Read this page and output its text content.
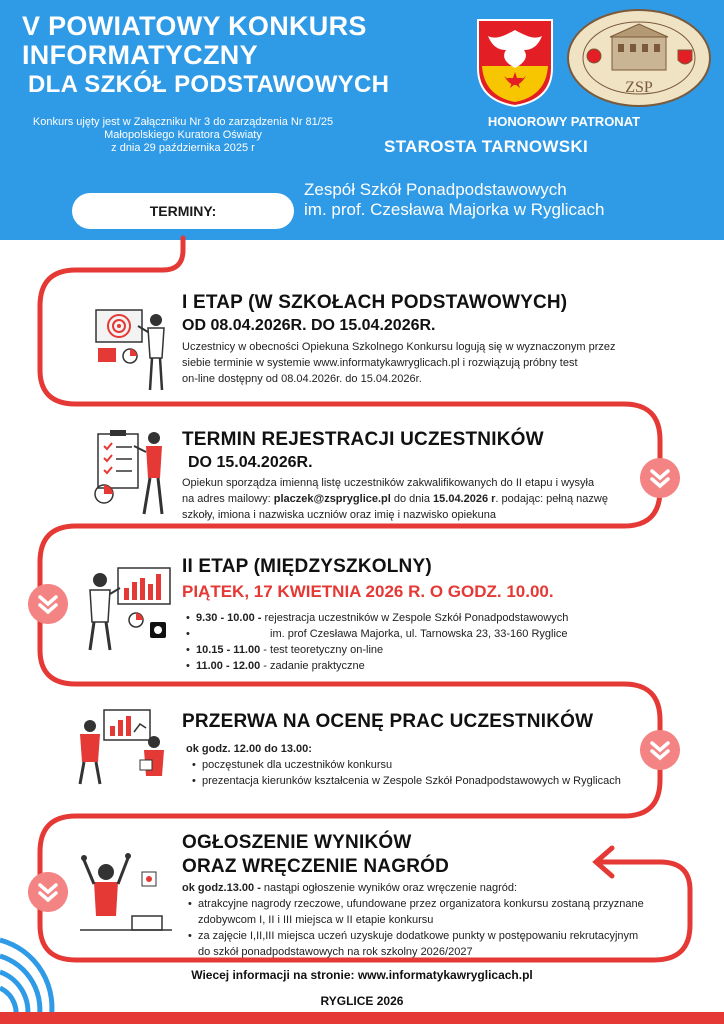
V POWIATOWY KONKURS
INFORMATYCZNY
DLA SZKÓŁ PODSTAWOWYCH
Konkurs ujęty jest w Załączniku Nr 3 do zarządzenia Nr 81/25
Małopolskiego Kuratora Oświaty
z dnia 29 października 2025 r
ZSP
HONOROWY PATRONAT
STAROSTA TARNOWSKI
Zespół Szkół Ponadpodstawowych
im. prof. Czesława Majorka w Ryglicach
TERMINY:
I ETAP (W SZKOŁACH PODSTAWOWYCH)
OD 08.04.2026R. DO 15.04.2026R.
Uczestnicy w obecności Opiekuna Szkolnego Konkursu logują się w wyznaczonym przez
siebie terminie w systemie www.informatykawryglicach.pl i rozwiązują próbny test
on-line dostępny od 08.04.2026r. do 15.04.2026r.
TERMIN REJESTRACJI UCZESTNIKÓW
DO 15.04.2026R.
Opiekun sporządza imienną listę uczestników zakwalifikowanych do II etapu i wysyła
na adres mailowy: placzek@zspryglice.pl do dnia 15.04.2026 r. podając: pełną nazwę
szkoły, imiona i nazwiska uczniów oraz imię i nazwisko opiekuna
II ETAP (MIĘDZYSZKOLNY)
PIĄTEK, 17 KWIETNIA 2026 R. O GODZ. 10.00.
• 9.30 - 10.00 - rejestracja uczestników w Zespole Szkół Ponadpodstawowych
• im. prof Czesława Majorka, ul. Tarnowska 23, 33-160 Ryglice
• 10.15 - 11.00 - test teoretyczny on-line
• 11.00 - 12.00 - zadanie praktyczne
PRZERWA NA OCENĘ PRAC UCZESTNIKÓW
ok godz. 12.00 do 13.00:
• poczęstunek dla uczestników konkursu
• prezentacja kierunków kształcenia w Zespole Szkół Ponadpodstawowych w Ryglicach
OGŁOSZENIE WYNIKÓW
ORAZ WRĘCZENIE NAGRÓD
ok godz.13.00 - nastąpi ogłoszenie wyników oraz wręczenie nagród:
• atrakcyjne nagrody rzeczowe, ufundowane przez organizatora konkursu zostaną przyznane
zdobywcom I, II i III miejsca w II etapie konkursu
• za zajęcie I,II,III miejsca uczeń uzyskuje dodatkowe punkty w postępowaniu rekrutacyjnym
do szkół ponadpodstawowych na rok szkolny 2026/2027
Wiecej informacji na stronie: www.informatykawryglicach.pl
RYGLICE 2026
